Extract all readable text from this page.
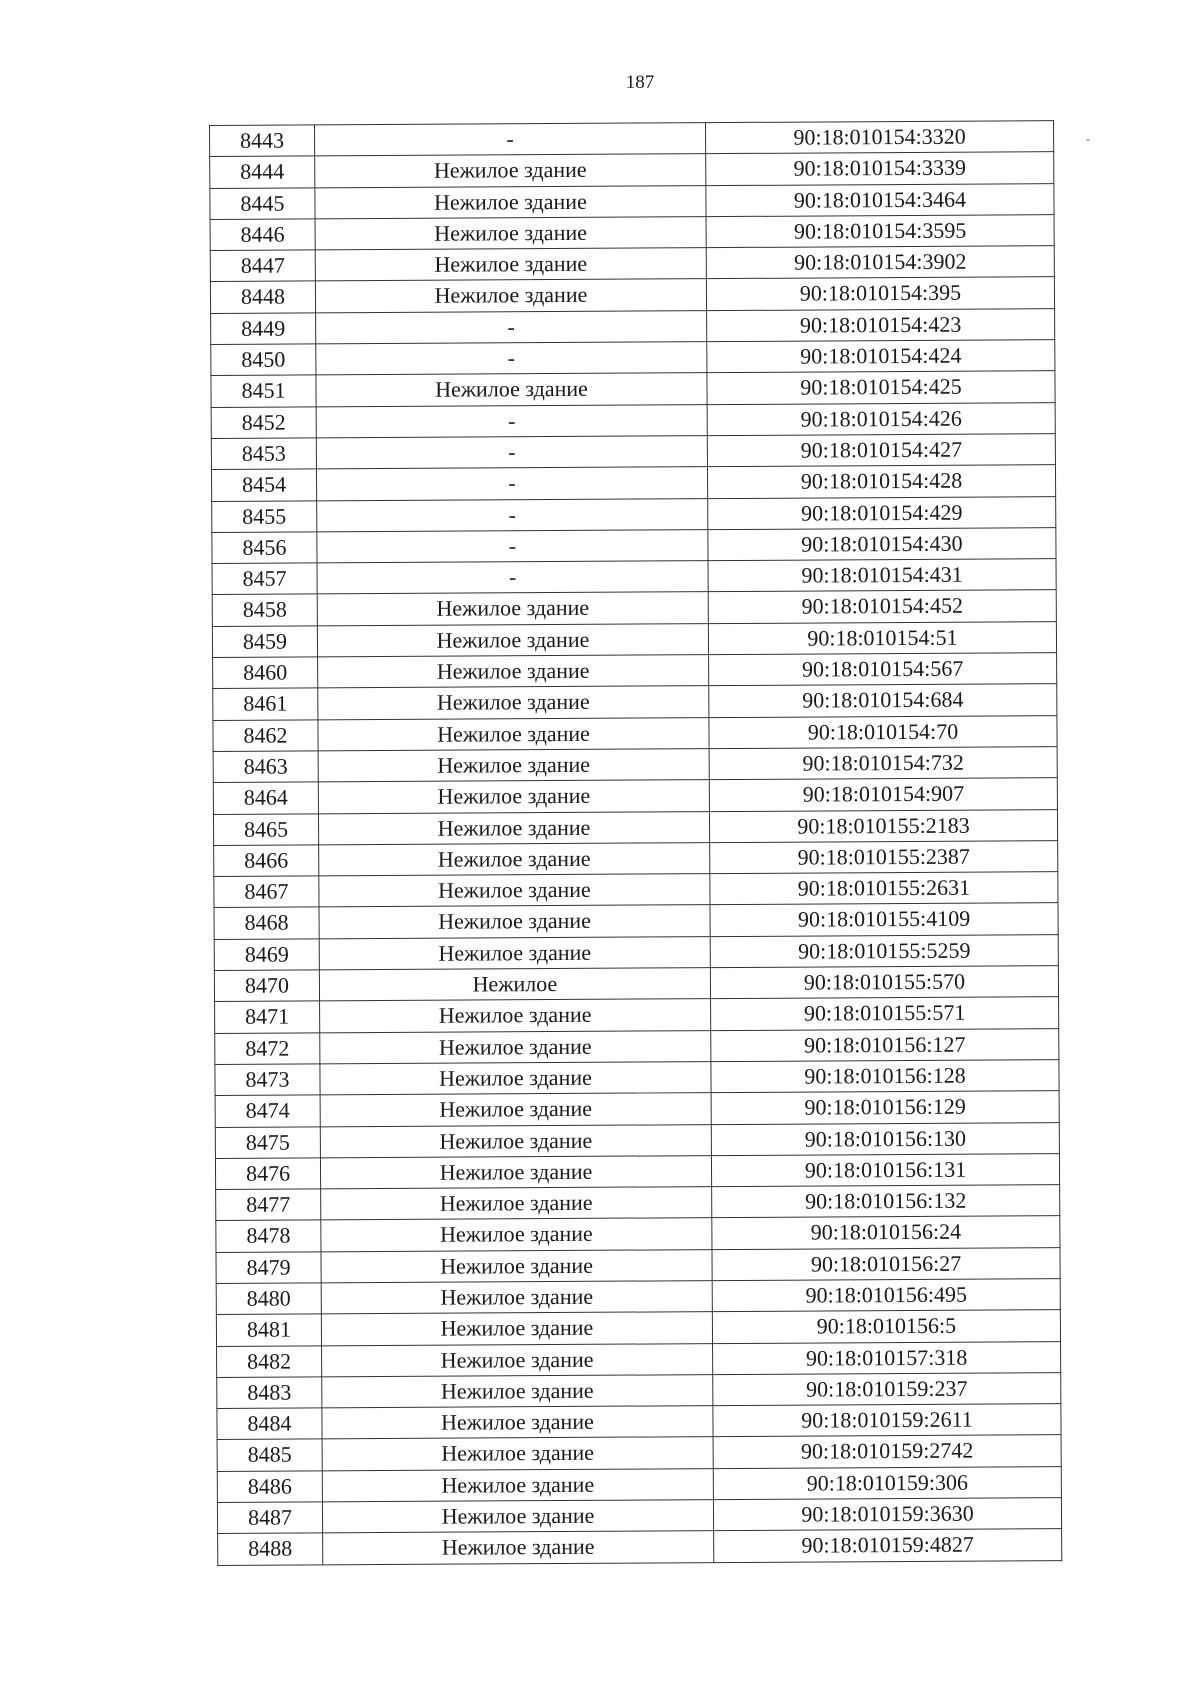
187
8443	-	90:18:010154:3320
8444	Нежилое здание	90:18:010154:3339
8445	Нежилое здание	90:18:010154:3464
8446	Нежилое здание	90:18:010154:3595
8447	Нежилое здание	90:18:010154:3902
8448	Нежилое здание	90:18:010154:395
8449	-	90:18:010154:423
8450	-	90:18:010154:424
8451	Нежилое здание	90:18:010154:425
8452	-	90:18:010154:426
8453	-	90:18:010154:427
8454	-	90:18:010154:428
8455	-	90:18:010154:429
8456	-	90:18:010154:430
8457	-	90:18:010154:431
8458	Нежилое здание	90:18:010154:452
8459	Нежилое здание	90:18:010154:51
8460	Нежилое здание	90:18:010154:567
8461	Нежилое здание	90:18:010154:684
8462	Нежилое здание	90:18:010154:70
8463	Нежилое здание	90:18:010154:732
8464	Нежилое здание	90:18:010154:907
8465	Нежилое здание	90:18:010155:2183
8466	Нежилое здание	90:18:010155:2387
8467	Нежилое здание	90:18:010155:2631
8468	Нежилое здание	90:18:010155:4109
8469	Нежилое здание	90:18:010155:5259
8470	Нежилое	90:18:010155:570
8471	Нежилое здание	90:18:010155:571
8472	Нежилое здание	90:18:010156:127
8473	Нежилое здание	90:18:010156:128
8474	Нежилое здание	90:18:010156:129
8475	Нежилое здание	90:18:010156:130
8476	Нежилое здание	90:18:010156:131
8477	Нежилое здание	90:18:010156:132
8478	Нежилое здание	90:18:010156:24
8479	Нежилое здание	90:18:010156:27
8480	Нежилое здание	90:18:010156:495
8481	Нежилое здание	90:18:010156:5
8482	Нежилое здание	90:18:010157:318
8483	Нежилое здание	90:18:010159:237
8484	Нежилое здание	90:18:010159:2611
8485	Нежилое здание	90:18:010159:2742
8486	Нежилое здание	90:18:010159:306
8487	Нежилое здание	90:18:010159:3630
8488	Нежилое здание	90:18:010159:4827
